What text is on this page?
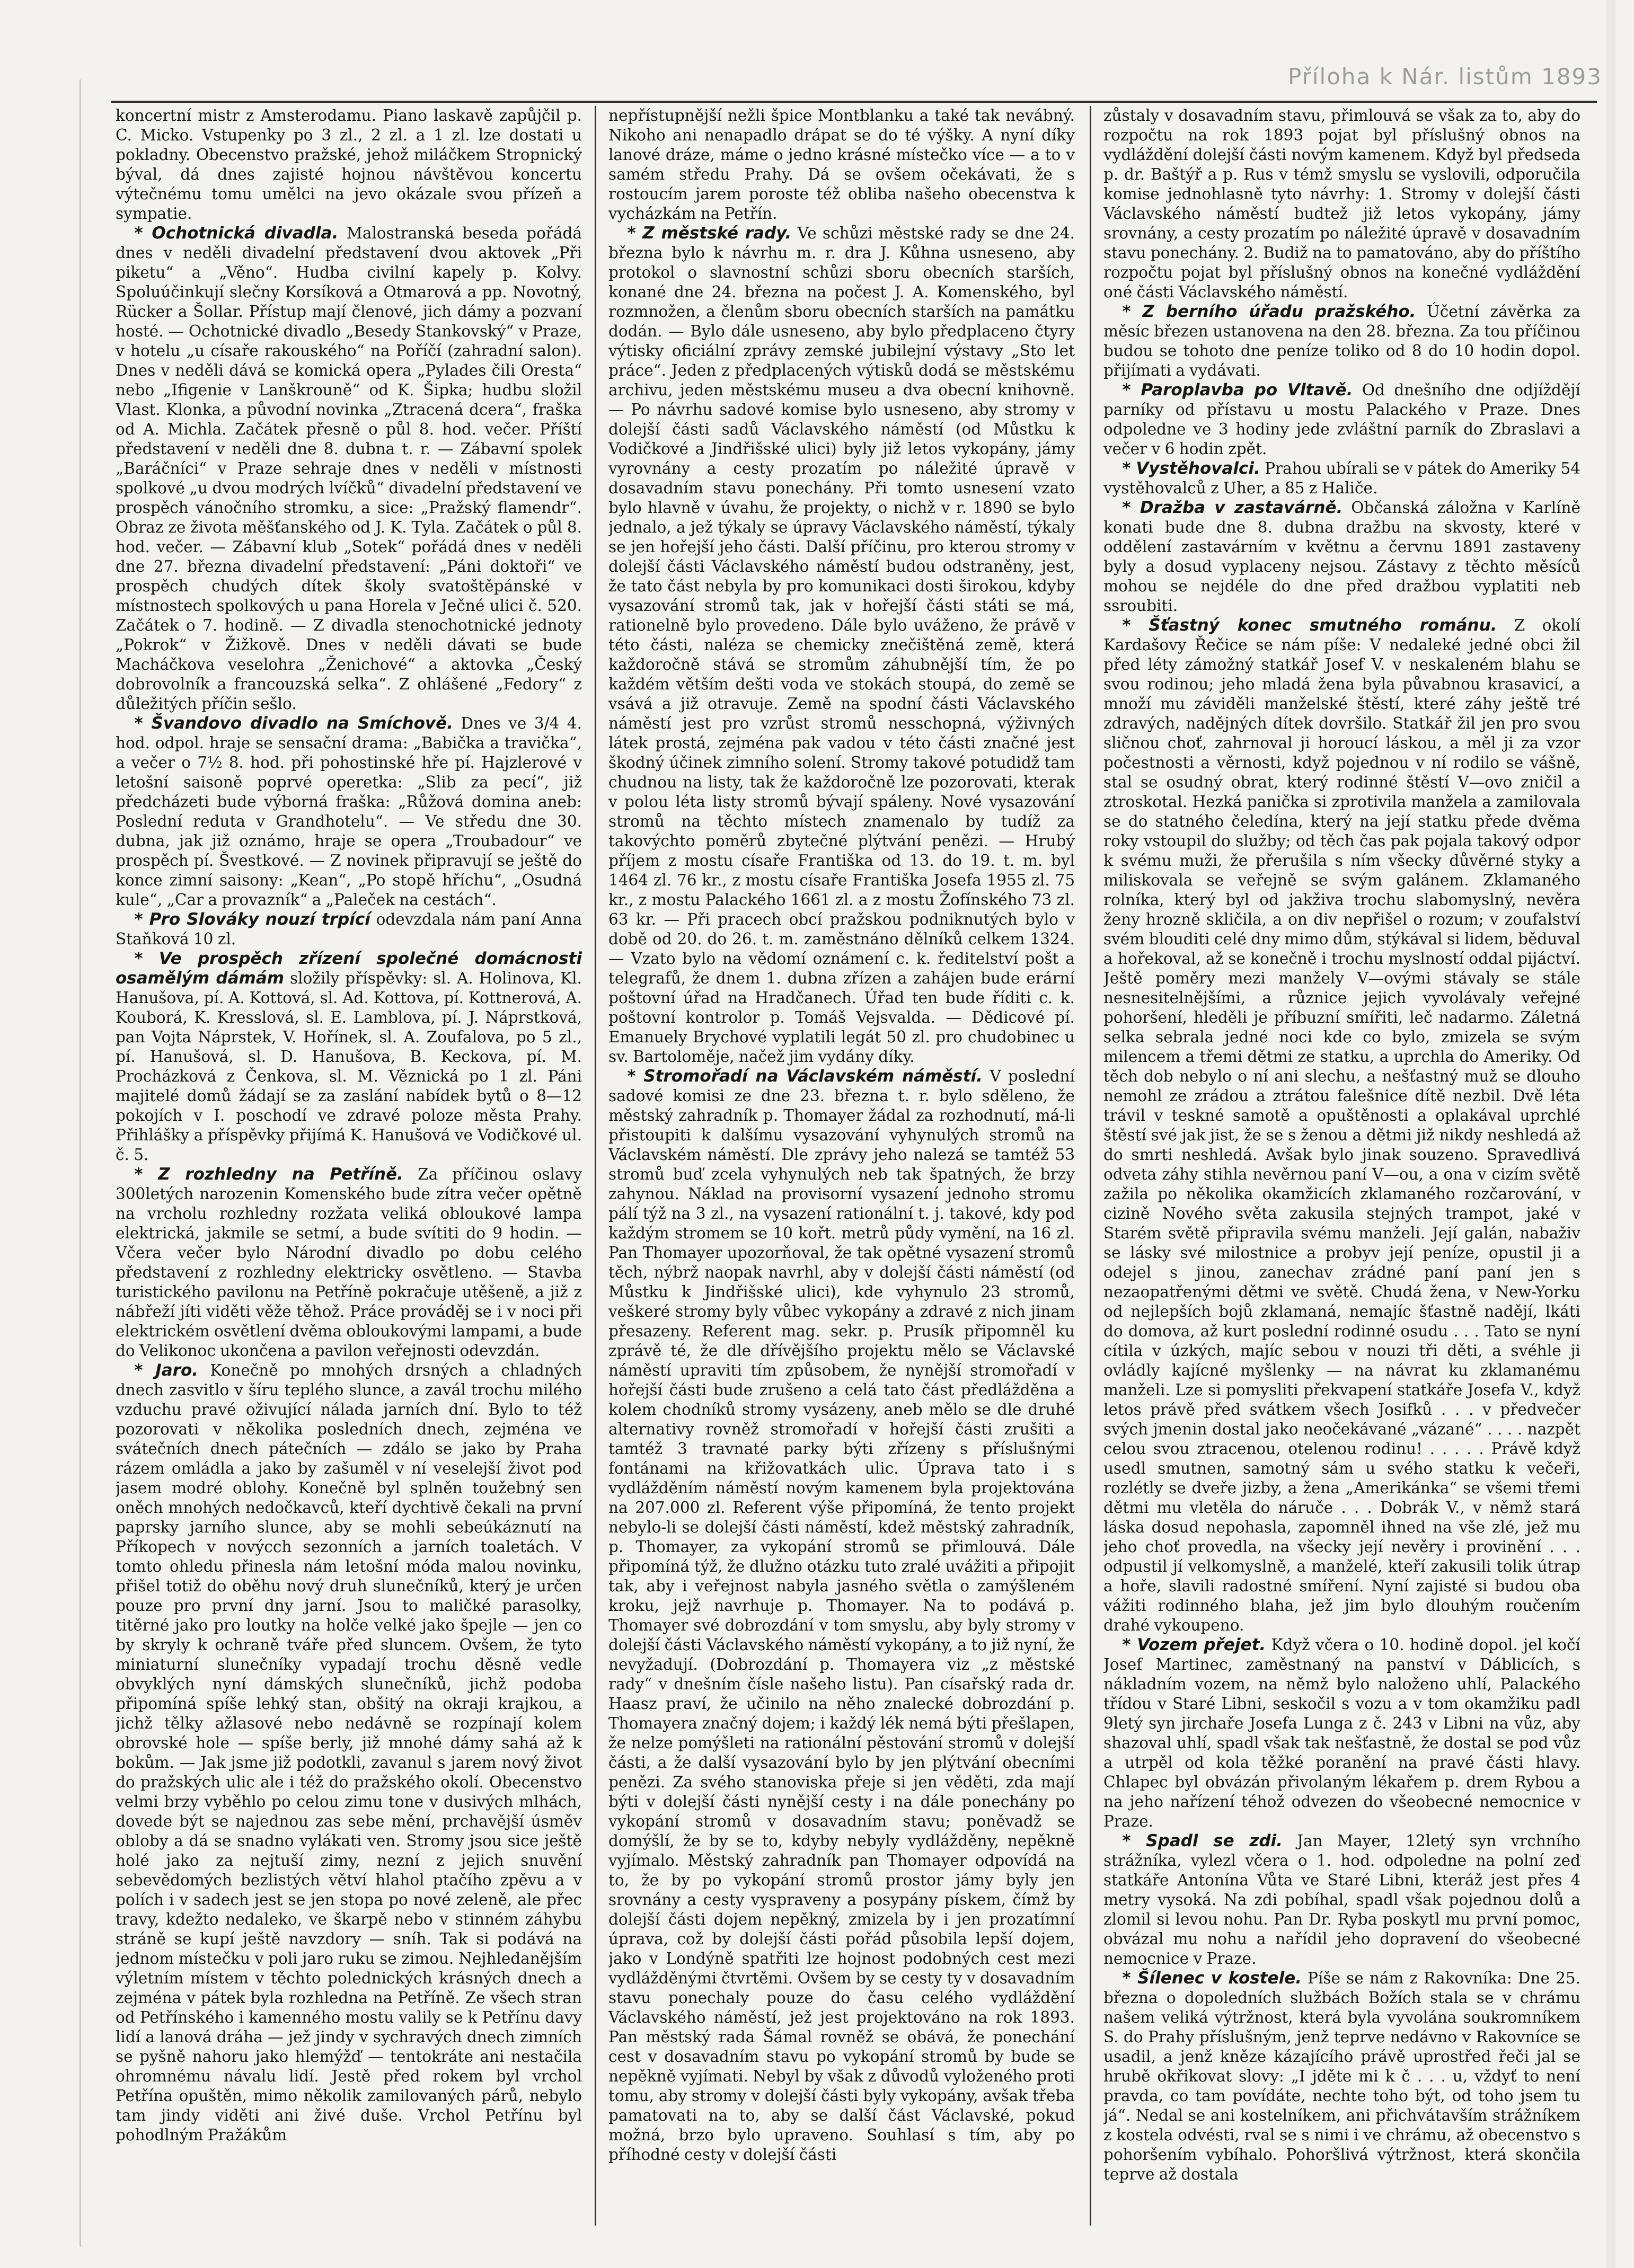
Příloha k Nár. listům 1893

koncertní mistr z Amsterodamu. Piano laskavě zapůjčil p. C. Micko. Vstupenky po 3 zl., 2 zl. a 1 zl. lze dostati u pokladny. Obecenstvo pražské, jehož miláčkem Stropnický býval, dá dnes zajisté hojnou návštěvou koncertu výtečnému tomu umělci na jevo okázale svou přízeň a sympatie.

* Ochotnická divadla. Malostranská beseda pořádá dnes v neděli divadelní představení dvou aktovek „Při piketu“ a „Věno“. Hudba civilní kapely p. Kolvy. Spoluúčinkují slečny Korsíková a Otmarová a pp. Novotný, Rücker a Šollar. Přístup mají členové, jich dámy a pozvaní hosté. — Ochotnické divadlo „Besedy Stankovský“ v Praze, v hotelu „u císaře rakouského“ na Poříčí (zahradní salon). Dnes v neděli dává se komická opera „Pylades čili Oresta“ nebo „Ifigenie v Lanškrouně“ od K. Šipka; hudbu složil Vlast. Klonka, a původní novinka „Ztracená dcera“, fraška od A. Michla. Začátek přesně o půl 8. hod. večer. Příští představení v neděli dne 8. dubna t. r. — Zábavní spolek „Baráčníci“ v Praze sehraje dnes v neděli v místnosti spolkové „u dvou modrých lvíčků“ divadelní představení ve prospěch vánočního stromku, a sice: „Pražský flamendr“. Obraz ze života měšťanského od J. K. Tyla. Začátek o půl 8. hod. večer. — Zábavní klub „Sotek“ pořádá dnes v neděli dne 27. března divadelní představení: „Páni doktoři“ ve prospěch chudých dítek školy svatoštěpánské v místnostech spolkových u pana Horela v Ječné ulici č. 520. Začátek o 7. hodině. — Z divadla stenochotnické jednoty „Pokrok“ v Žižkově. Dnes v neděli dávati se bude Macháčkova veselohra „Ženichové“ a aktovka „Český dobrovolník a francouzská selka“. Z ohlášené „Fedory“ z důležitých příčin sešlo.

* Švandovo divadlo na Smíchově. Dnes ve 3/4 4. hod. odpol. hraje se sensační drama: „Babička a travička“, a večer o 7½ 8. hod. při pohostinské hře pí. Hajzlerové v letošní saisoně poprvé operetka: „Slib za pecí“, již předcházeti bude výborná fraška: „Růžová domina aneb: Poslední reduta v Grandhotelu“. — Ve středu dne 30. dubna, jak již oznámo, hraje se opera „Troubadour“ ve prospěch pí. Švestkové. — Z novinek připravují se ještě do konce zimní saisony: „Kean“, „Po stopě hříchu“, „Osudná kule“, „Car a provazník“ a „Paleček na cestách“.

* Pro Slováky nouzí trpící odevzdala nám paní Anna Staňková 10 zl.

* Ve prospěch zřízení společné domácnosti osamělým dámám složily příspěvky: sl. A. Holinova, Kl. Hanušova, pí. A. Kottová, sl. Ad. Kottova, pí. Kottnerová, A. Kouborá, K. Kresslová, sl. E. Lamblova, pí. J. Náprstková, pan Vojta Náprstek, V. Hořínek, sl. A. Zoufalova, po 5 zl., pí. Hanušová, sl. D. Hanušova, B. Keckova, pí. M. Procházková z Čenkova, sl. M. Věznická po 1 zl. Páni majitelé domů žádají se za zaslání nabídek bytů o 8—12 pokojích v I. poschodí ve zdravé poloze města Prahy. Přihlášky a příspěvky přijímá K. Hanušová ve Vodičkové ul. č. 5.

* Z rozhledny na Petříně. Za příčinou oslavy 300letých narozenin Komenského bude zítra večer opětně na vrcholu rozhledny rozžata veliká obloukové lampa elektrická, jakmile se setmí, a bude svítiti do 9 hodin. — Včera večer bylo Národní divadlo po dobu celého představení z rozhledny elektricky osvětleno. — Stavba turistického pavilonu na Petříně pokračuje utěšeně, a již z nábřeží jíti viděti věže těhož. Práce prováděj se i v noci při elektrickém osvětlení dvěma obloukovými lampami, a bude do Velikonoc ukončena a pavilon veřejnosti odevzdán.

* Jaro. Konečně po mnohých drsných a chladných dnech zasvitlo v šíru teplého slunce, a zavál trochu milého vzduchu pravé oživující nálada jarních dní. Bylo to též pozorovati v několika posledních dnech, zejména ve svátečních dnech pátečních — zdálo se jako by Praha rázem omládla a jako by zašuměl v ní veselejší život pod jasem modré oblohy. Konečně byl splněn toužebný sen oněch mnohých nedočkavců, kteří dychtivě čekali na první paprsky jarního slunce, aby se mohli sebeúkáznutí na Příkopech v novýcch sezonních a jarních toaletách. V tomto ohledu přinesla nám letošní móda malou novinku, přišel totiž do oběhu nový druh slunečníků, který je určen pouze pro první dny jarní. Jsou to maličké parasolky, titěrné jako pro loutky na holče velké jako špejle — jen co by skryly k ochraně tváře před sluncem. Ovšem, že tyto miniaturní slunečníky vypadají trochu děsně vedle obvyklých nyní dámských slunečníků, jichž podoba připomíná spíše lehký stan, obšitý na okraji krajkou, a jichž tělky ažlasové nebo nedávně se rozpínají kolem obrovské hole — spíše berly, již mnohé dámy sahá až k bokům. — Jak jsme již podotkli, zavanul s jarem nový život do pražských ulic ale i též do pražského okolí. Obecenstvo velmi brzy vyběhlo po celou zimu tone v dusivých mlhách, dovede být se najednou zas sebe mění, prchavější úsměv obloby a dá se snadno vylákati ven. Stromy jsou sice ještě holé jako za nejtuší zimy, nezní z jejich snuvění sebevědomých bezlistých větví hlahol ptačího zpěvu a v polích i v sadech jest se jen stopa po nové zeleně, ale přec travy, kdežto nedaleko, ve škarpě nebo v stinném záhybu stráně se kupí ještě navzdory — sníh. Tak si podává na jednom místečku v poli jaro ruku se zimou. Nejhledanějším výletním místem v těchto polednických krásných dnech a zejména v pátek byla rozhledna na Petříně. Ze všech stran od Petřínského i kamenného mostu valily se k Petřínu davy lidí a lanová dráha — jež jindy v sychravých dnech zimních se pyšně nahoru jako hlemýžď — tentokráte ani nestačila ohromnému návalu lidí. Jestě před rokem byl vrchol Petřína opuštěn, mimo několik zamilovaných párů, nebylo tam jindy viděti ani živé duše. Vrchol Petřínu byl pohodlným Pražákům

nepřístupnější nežli špice Montblanku a také tak nevábný. Nikoho ani nenapadlo drápat se do té výšky. A nyní díky lanové dráze, máme o jedno krásné místečko více — a to v samém středu Prahy. Dá se ovšem očekávati, že s rostoucím jarem poroste též obliba našeho obecenstva k vycházkám na Petřín.

* Z městské rady. Ve schůzi městské rady se dne 24. března bylo k návrhu m. r. drа J. Kůhna usneseno, aby protokol o slavnostní schůzi sboru obecních starších, konané dne 24. března na počest J. A. Komenského, byl rozmnožen, a členům sboru obecních starších na památku dodán. — Bylo dále usneseno, aby bylo předplaceno čtyry výtisky oficiální zprávy zemské jubilejní výstavy „Sto let práce“. Jeden z předplacených výtisků dodá se městskému archivu, jeden městskému museu a dva obecní knihovně. — Po návrhu sadové komise bylo usneseno, aby stromy v dolejší části sadů Václavského náměstí (od Můstku k Vodičkové a Jindřišské ulici) byly již letos vykopány, jámy vyrovnány a cesty prozatím po náležité úpravě v dosavadním stavu ponechány. Při tomto usnesení vzato bylo hlavně v úvahu, že projekty, o nichž v r. 1890 se bylo jednalo, a jež týkaly se úpravy Václavského náměstí, týkaly se jen hořejší jeho části. Další příčinu, pro kterou stromy v dolejší části Václavského náměstí budou odstraněny, jest, že tato část nebyla by pro komunikaci dosti širokou, kdyby vysazování stromů tak, jak v hořejší části státi se má, rationelně bylo provedeno. Dále bylo uváženo, že právě v této části, naléza se chemicky znečištěná země, která každoročně stává se stromům záhubnější tím, že po každém větším dešti voda ve stokách stoupá, do země se vsává a již otravuje. Země na spodní části Václavského náměstí jest pro vzrůst stromů nesschopná, výživných látek prostá, zejména pak vadou v této části značné jest škodný účinek zimního solení. Stromy takové potudidž tam chudnou na listy, tak že každoročně lze pozorovati, kterak v polou léta listy stromů bývají spáleny. Nové vysazování stromů na těchto místech znamenalo by tudíž za takovýchto poměrů zbytečné plýtvání penězi. — Hrubý příjem z mostu císaře Františka od 13. do 19. t. m. byl 1464 zl. 76 kr., z mostu císaře Františka Josefa 1955 zl. 75 kr., z mostu Palackého 1661 zl. a z mostu Žofínského 73 zl. 63 kr. — Při pracech obcí pražskou podniknutých bylo v době od 20. do 26. t. m. zaměstnáno dělníků celkem 1324. — Vzato bylo na vědomí oznámení c. k. ředitelství pošt a telegrafů, že dnem 1. dubna zřízen a zahájen bude erární poštovní úřad na Hradčanech. Úřad ten bude říditi c. k. poštovní kontrolor p. Tomáš Vejsvalda. — Dědicové pí. Emanuely Brychové vyplatili legát 50 zl. pro chudobinec u sv. Bartoloměje, načež jim vydány díky.

* Stromořadí na Václavském náměstí. V poslední sadové komisi ze dne 23. března t. r. bylo sděleno, že městský zahradník p. Thomayer žádal za rozhodnutí, má-li přistoupiti k dalšímu vysazování vyhynulých stromů na Václavském náměstí. Dle zprávy jeho nalezá se tamtéž 53 stromů buď zcela vyhynulých neb tak špatných, že brzy zahynou. Náklad na provisorní vysazení jednoho stromu pálí týž na 3 zl., na vysazení rationální t. j. takové, kdy pod každým stromem se 10 kořt. metrů půdy vymění, na 16 zl. Pan Thomayer upozorňoval, že tak opětné vysazení stromů těch, nýbrž naopak navrhl, aby v dolejší části náměstí (od Můstku k Jindřišské ulici), kde vyhynulo 23 stromů, veškeré stromy byly vůbec vykopány a zdravé z nich jinam přesazeny. Referent mag. sekr. p. Prusík připomněl ku zprávě té, že dle dřívějšího projektu mělo se Václavské náměstí upraviti tím způsobem, že nynější stromořadí v hořejší části bude zrušeno a celá tato část předlážděna a kolem chodníků stromy vysázeny, aneb mělo se dle druhé alternativy rovněž stromořadí v hořejší části zrušiti a tamtéž 3 travnaté parky býti zřízeny s příslušnými fontánami na křižovatkách ulic. Úprava tato i s vydlážděním náměstí novým kamenem byla projektována na 207.000 zl. Referent výše připomíná, že tento projekt nebylo-li se dolejší části náměstí, kdež městský zahradník, p. Thomayer, za vykopání stromů se přimlouvá. Dále připomíná týž, že dlužno otázku tuto zralé uvážiti a připojit tak, aby i veřejnost nabyla jasného světla o zamýšleném kroku, jejž navrhuje p. Thomayer. Na to podává p. Thomayer své dobrozdání v tom smyslu, aby byly stromy v dolejší části Václavského náměstí vykopány, a to již nyní, že nevyžadují. (Dobrozdání p. Thomayera viz „z městské rady“ v dnešním čísle našeho listu). Pan císařský rada dr. Haasz praví, že učinilo na něho znalecké dobrozdání p. Thomayera značný dojem; i každý lék nemá býti přešlapen, že nelze pomýšleti na rationální pěstování stromů v dolejší části, a že další vysazování bylo by jen plýtvání obecními penězi. Za svého stanoviska přeje si jen věděti, zda mají býti v dolejší části nynější cesty i na dále ponechány po vykopání stromů v dosavadním stavu; poněvadž se domýšlí, že by se to, kdyby nebyly vydlážděny, nepěkně vyjímalo. Městský zahradník pan Thomayer odpovídá na to, že by po vykopání stromů prostor jámy byly jen srovnány a cesty vyspraveny a posypány pískem, čímž by dolejší části dojem nepěkný, zmizela by i jen prozatímní úprava, což by dolejší části pořád působila lepší dojem, jako v Londýně spatřiti lze hojnost podobných cest mezi vydlážděnými čtvrtěmi. Ovšem by se cesty ty v dosavadním stavu ponechaly pouze do času celého vydláždění Václavského náměstí, jež jest projektováno na rok 1893. Pan městský rada Šámal rovněž se obává, že ponechání cest v dosavadním stavu po vykopání stromů by bude se nepěkně vyjímati. Nebyl by však z důvodů vyloženého proti tomu, aby stromy v dolejší části byly vykopány, avšak třeba pamatovati na to, aby se další část Václavské, pokud možná, brzo bylo upraveno. Souhlasí s tím, aby po příhodné cesty v dolejší části

zůstaly v dosavadním stavu, přimlouvá se však za to, aby do rozpočtu na rok 1893 pojat byl příslušný obnos na vydláždění dolejší části novým kamenem. Když byl předseda p. dr. Baštýř a p. Rus v témž smyslu se vyslovili, odporučila komise jednohlasně tyto návrhy: 1. Stromy v dolejší části Václavského náměstí budtež již letos vykopány, jámy srovnány, a cesty prozatím po náležité úpravě v dosavadním stavu ponechány. 2. Budiž na to pamatováno, aby do příštího rozpočtu pojat byl příslušný obnos na konečné vydláždění oné části Václavského náměstí.

* Z berního úřadu pražského. Účetní závěrka za měsíc březen ustanovena na den 28. března. Za tou příčinou budou se tohoto dne peníze toliko od 8 do 10 hodin dopol. přijímati a vydávati.

* Paroplavba po Vltavě. Od dnešního dne odjíždějí parníky od přístavu u mostu Palackého v Praze. Dnes odpoledne ve 3 hodiny jede zvláštní parník do Zbraslavi a večer v 6 hodin zpět.

* Vystěhovalci. Prahou ubírali se v pátek do Ameriky 54 vystěhovalců z Uher, a 85 z Haliče.

* Dražba v zastavárně. Občanská záložna v Karlíně konati bude dne 8. dubna dražbu na skvosty, které v oddělení zastavárním v květnu a červnu 1891 zastaveny byly a dosud vyplaceny nejsou. Zástavy z těchto měsíců mohou se nejdéle do dne před dražbou vyplatiti neb ssroubiti.

* Šťastný konec smutného románu. Z okolí Kardašovy Řečice se nám píše: V nedaleké jedné obci žil před léty zámožný statkář Josef V. v neskaleném blahu se svou rodinou; jeho mladá žena byla půvabnou krasavicí, a množí mu záviděli manželské štěstí, které záhy ještě tré zdravých, nadějných dítek dovršilo. Statkář žil jen pro svou sličnou choť, zahrnoval ji horoucí láskou, a měl ji za vzor počestnosti a věrnosti, když pojednou v ní rodilo se vášně, stal se osudný obrat, který rodinné štěstí V—ovo zničil a ztroskotal. Hezká panička si zprotivila manžela a zamilovala se do statného čeledína, který na její statku přede dvěma roky vstoupil do služby; od těch čas pak pojala takový odpor k svému muži, že přerušila s ním všecky důvěrné styky a miliskovala se veřejně se svým galánem. Zklamaného rolníka, který byl od jakživa trochu slabomyslný, nevěra ženy hrozně skličila, a on div nepřišel o rozum; v zoufalství svém blouditi celé dny mimo dům, stýkával si lidem, běduval a hořekoval, až se konečně i trochu myslností oddal pijáctví. Ještě poměry mezi manžely V—ovými stávaly se stále nesnesitelnějšími, a různice jejich vyvolávaly veřejné pohoršení, hleděli je příbuzní smířiti, leč nadarmo. Záletná selka sebrala jedné noci kde co bylo, zmizela se svým milencem a třemi dětmi ze statku, a uprchla do Ameriky. Od těch dob nebylo o ní ani slechu, a nešťastný muž se dlouho nemohl ze zrádou a ztrátou falešnice dítě nezbil. Dvě léta trávil v teskné samotě a opuštěnosti a oplakával uprchlé štěstí své jak jist, že se s ženou a dětmi již nikdy neshledá až do smrti neshledá. Avšak bylo jinak souzeno. Spravedlivá odveta záhy stihla nevěrnou paní V—ou, a ona v cizím světě zažila po několika okamžicích zklamaného rozčarování, v cizině Nového světa zakusila stejných trampot, jaké v Starém světě připravila svému manželi. Její galán, nabaživ se lásky své milostnice a probyv její peníze, opustil ji a odejel s jinou, zanechav zrádné paní paní jen s nezaopatřenými dětmi ve světě. Chudá žena, v New-Yorku od nejlepších bojů zklamaná, nemajíc šťastně nadějí, lkáti do domova, až kurt poslední rodinné osudu . . . Tato se nyní cítila v úzkých, majíc sebou v nouzi tři děti, a svéhle ji ovládly kajícné myšlenky — na návrat ku zklamanému manželi. Lze si pomysliti překvapení statkáře Josefa V., když letos právě před svátkem všech Josifků . . . v předvečer svých jmenin dostal jako neočekávané „vázané“ . . . . nazpět celou svou ztracenou, otelenou rodinu! . . . . . Právě když usedl smutnen, samotný sám u svého statku k večeři, rozlétly se dveře jizby, a žena „Amerikánka“ se všemi třemi dětmi mu vletěla do náruče . . . Dobrák V., v němž stará láska dosud nepohasla, zapomněl ihned na vše zlé, jež mu jeho choť provedla, na všecky její nevěry i provinění . . . odpustil jí velkomyslně, a manželé, kteří zakusili tolik útrap a hoře, slavili radostné smíření. Nyní zajisté si budou oba vážiti rodinného blaha, jež jim bylo dlouhým roučením drahé vykoupeno.

* Vozem přejet. Když včera o 10. hodině dopol. jel kočí Josef Martinec, zaměstnaný na panství v Dáblicích, s nákladním vozem, na němž bylo naloženo uhlí, Palackého třídou v Staré Libni, seskočil s vozu a v tom okamžiku padl 9letý syn jirchaře Josefa Lunga z č. 243 v Libni na vůz, aby shazoval uhlí, spadl však tak nešťastně, že dostal se pod vůz a utrpěl od kola těžké poranění na pravé části hlavy. Chlapec byl obvázán přivolaným lékařem p. drem Rybou a na jeho nařízení téhož odvezen do všeobecné nemocnice v Praze.

* Spadl se zdi. Jan Mayer, 12letý syn vrchního strážníka, vylezl včera o 1. hod. odpoledne na polní zeď statkáře Antonína Vůta ve Staré Libni, kteráž jest přes 4 metry vysoká. Na zdi pobíhal, spadl však pojednou dolů a zlomil si levou nohu. Pan Dr. Ryba poskytl mu první pomoc, obvázal mu nohu a nařídil jeho dopravení do všeobecné nemocnice v Praze.

* Šílenec v kostele. Píše se nám z Rakovníka: Dne 25. března o dopoledních službách Božích stala se v chrámu našem veliká výtržnost, která byla vyvolána soukromníkem S. do Prahy příslušným, jenž teprve nedávno v Rakovníce se usadil, a jenž kněze kázajícího právě uprostřed řeči jal se hrubě okřikovat slovy: „I jděte mi k č . . . u, vždyť to není pravda, co tam povídáte, nechte toho být, od toho jsem tu já“. Nedal se ani kostelníkem, ani přichvátavším strážníkem z kostela odvésti, rval se s nimi i ve chrámu, až obecenstvo s pohoršením vybíhalo. Pohoršlivá výtržnost, která skončila teprve až dostala
